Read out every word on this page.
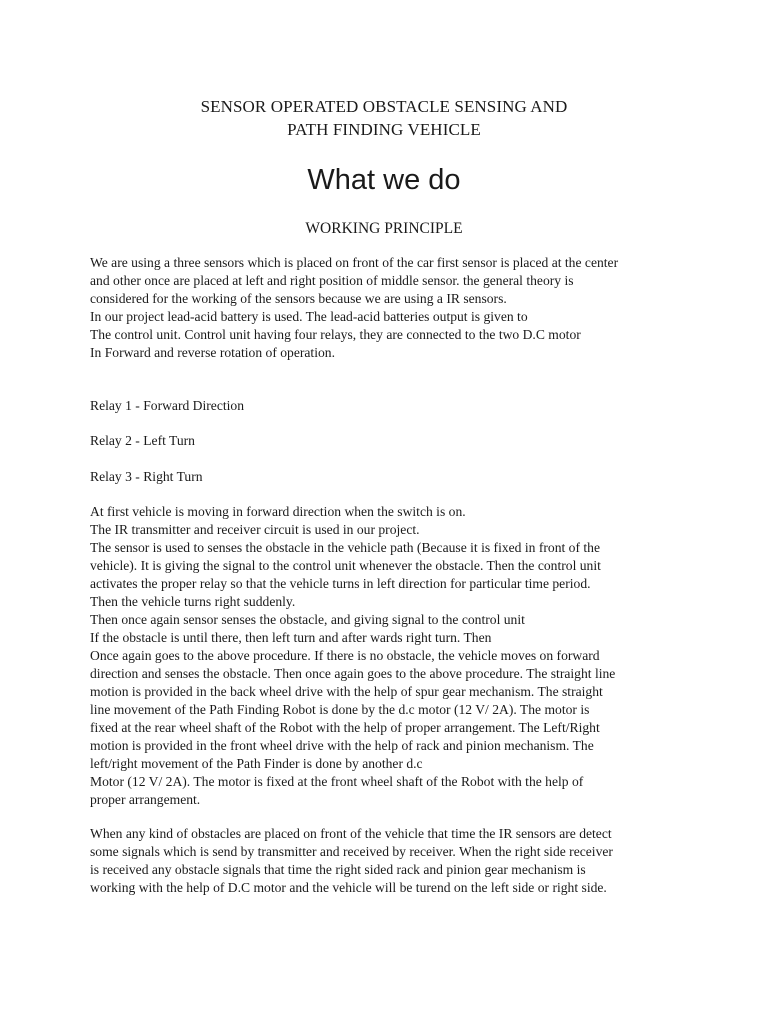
SENSOR OPERATED OBSTACLE SENSING AND
PATH FINDING VEHICLE
What we do
WORKING PRINCIPLE
We are using a three sensors which is placed on front of the car first sensor is placed at the center
and other once are placed at left and right position of middle sensor. the general theory is
considered for the working of the sensors because we are using a IR sensors.
In our project lead-acid battery is used. The lead-acid batteries output is given to
The control unit. Control unit having four relays, they are connected to the two D.C motor
In Forward and reverse rotation of operation.
Relay 1 - Forward Direction
Relay 2 - Left Turn
Relay 3 - Right Turn
At first vehicle is moving in forward direction when the switch is on.
The IR transmitter and receiver circuit is used in our project.
The sensor is used to senses the obstacle in the vehicle path (Because it is fixed in front of the
vehicle). It is giving the signal to the control unit whenever the obstacle. Then the control unit
activates the proper relay so that the vehicle turns in left direction for particular time period.
Then the vehicle turns right suddenly.
Then once again sensor senses the obstacle, and giving signal to the control unit
If the obstacle is until there, then left turn and after wards right turn. Then
Once again goes to the above procedure. If there is no obstacle, the vehicle moves on forward
direction and senses the obstacle. Then once again goes to the above procedure. The straight line
motion is provided in the back wheel drive with the help of spur gear mechanism. The straight
line movement of the Path Finding Robot is done by the d.c motor (12 V/ 2A). The motor is
fixed at the rear wheel shaft of the Robot with the help of proper arrangement. The Left/Right
motion is provided in the front wheel drive with the help of rack and pinion mechanism. The
left/right movement of the Path Finder is done by another d.c
Motor (12 V/ 2A). The motor is fixed at the front wheel shaft of the Robot with the help of
proper arrangement.
When any kind of obstacles are placed on front of the vehicle that time the IR sensors are detect
some signals which is send by transmitter and received by receiver. When the right side receiver
is received any obstacle signals that time the right sided rack and pinion gear mechanism is
working with the help of D.C motor and the vehicle will be turend on the left side or right side.
